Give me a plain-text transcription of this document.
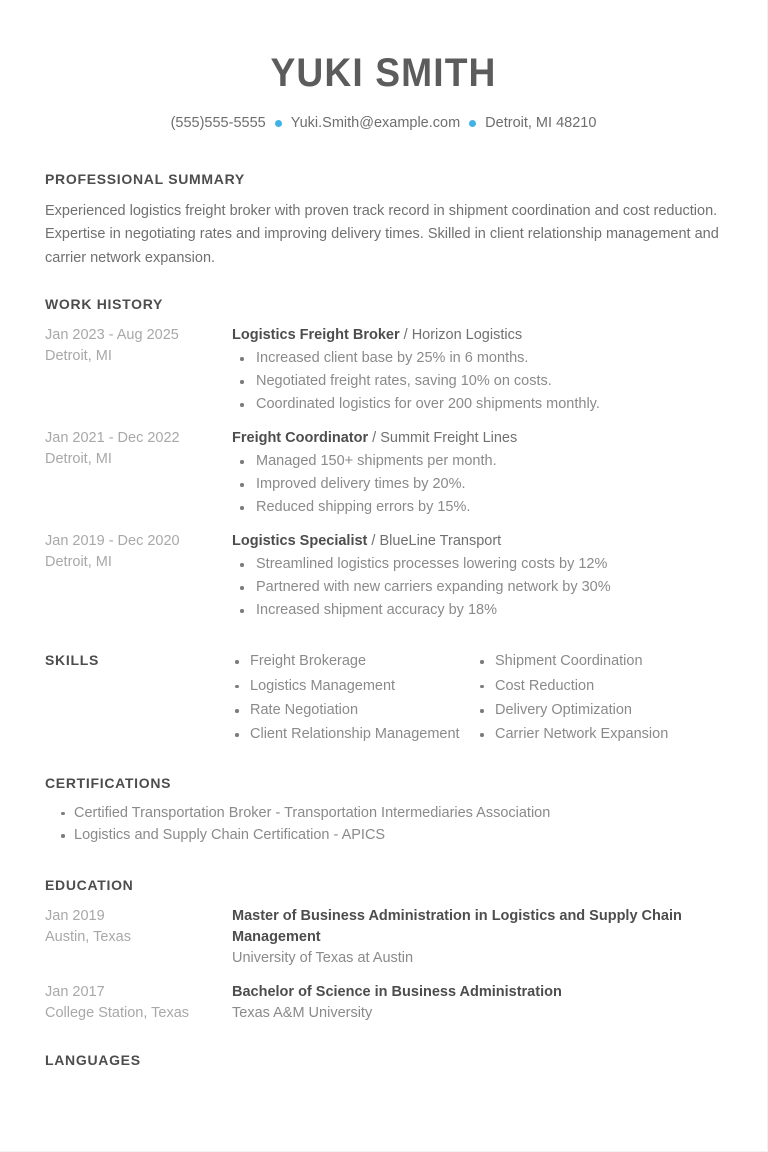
YUKI SMITH
(555)555-5555 Yuki.Smith@example.com Detroit, MI 48210
PROFESSIONAL SUMMARY
Experienced logistics freight broker with proven track record in shipment coordination and cost reduction. Expertise in negotiating rates and improving delivery times. Skilled in client relationship management and carrier network expansion.
WORK HISTORY
Jan 2023 - Aug 2025
Detroit, MI
Logistics Freight Broker / Horizon Logistics
Increased client base by 25% in 6 months.
Negotiated freight rates, saving 10% on costs.
Coordinated logistics for over 200 shipments monthly.
Jan 2021 - Dec 2022
Detroit, MI
Freight Coordinator / Summit Freight Lines
Managed 150+ shipments per month.
Improved delivery times by 20%.
Reduced shipping errors by 15%.
Jan 2019 - Dec 2020
Detroit, MI
Logistics Specialist / BlueLine Transport
Streamlined logistics processes lowering costs by 12%
Partnered with new carriers expanding network by 30%
Increased shipment accuracy by 18%
SKILLS	Freight Brokerage
Logistics Management
Rate Negotiation
Client Relationship Management
Shipment Coordination
Cost Reduction
Delivery Optimization
Carrier Network Expansion
CERTIFICATIONS
Certified Transportation Broker - Transportation Intermediaries Association
Logistics and Supply Chain Certification - APICS
EDUCATION
Jan 2019
Austin, Texas
Master of Business Administration in Logistics and Supply Chain Management
University of Texas at Austin
Jan 2017
College Station, Texas
Bachelor of Science in Business Administration
Texas A&M University
LANGUAGES
